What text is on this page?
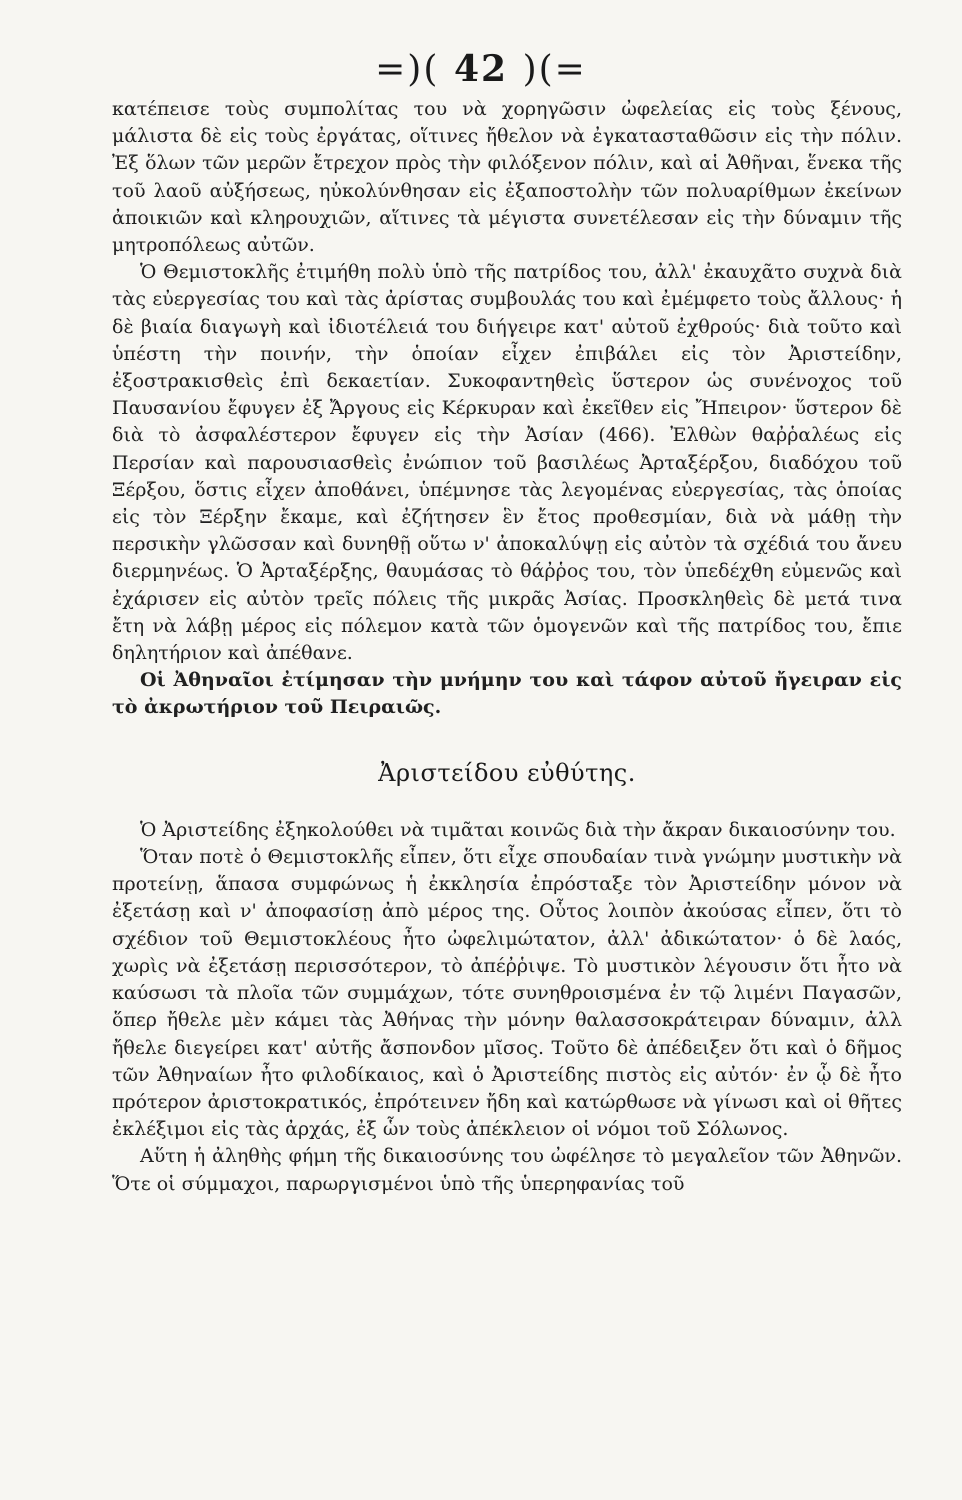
=)( 42 )(=

κατέπεισε τοὺς συμπολίτας του νὰ χορηγῶσιν ὠφελείας εἰς τοὺς ξένους, μάλιστα δὲ εἰς τοὺς ἐργάτας, οἵτινες ἤθελον νὰ ἐγκατασταθῶσιν εἰς τὴν πόλιν. Ἐξ ὅλων τῶν μερῶν ἔτρεχον πρὸς τὴν φιλόξενον πόλιν, καὶ αἱ Ἀθῆναι, ἕνεκα τῆς τοῦ λαοῦ αὐξήσεως, ηὐκολύνθησαν εἰς ἐξαποστολὴν τῶν πολυαρίθμων ἐκείνων ἀποικιῶν καὶ κληρουχιῶν, αἵτινες τὰ μέγιστα συνετέλεσαν εἰς τὴν δύναμιν τῆς μητροπόλεως αὐτῶν.

Ὁ Θεμιστοκλῆς ἐτιμήθη πολὺ ὑπὸ τῆς πατρίδος του, ἀλλ' ἐκαυχᾶτο συχνὰ διὰ τὰς εὐεργεσίας του καὶ τὰς ἀρίστας συμβουλάς του καὶ ἐμέμφετο τοὺς ἄλλους· ἡ δὲ βιαία διαγωγὴ καὶ ἰδιοτέλειά του διήγειρε κατ' αὐτοῦ ἐχθρούς· διὰ τοῦτο καὶ ὑπέστη τὴν ποινήν, τὴν ὁποίαν εἶχεν ἐπιβάλει εἰς τὸν Ἀριστείδην, ἐξοστρακισθεὶς ἐπὶ δεκαετίαν. Συκοφαντηθεὶς ὕστερον ὡς συνένοχος τοῦ Παυσανίου ἔφυγεν ἐξ Ἄργους εἰς Κέρκυραν καὶ ἐκεῖθεν εἰς Ἤπειρον· ὕστερον δὲ διὰ τὸ ἀσφαλέστερον ἔφυγεν εἰς τὴν Ἀσίαν (466). Ἐλθὼν θαῤῥαλέως εἰς Περσίαν καὶ παρουσιασθεὶς ἐνώπιον τοῦ βασιλέως Ἀρταξέρξου, διαδόχου τοῦ Ξέρξου, ὅστις εἶχεν ἀποθάνει, ὑπέμνησε τὰς λεγομένας εὐεργεσίας, τὰς ὁποίας εἰς τὸν Ξέρξην ἔκαμε, καὶ ἐζήτησεν ἓν ἔτος προθεσμίαν, διὰ νὰ μάθῃ τὴν περσικὴν γλῶσσαν καὶ δυνηθῇ οὕτω ν' ἀποκαλύψῃ εἰς αὐτὸν τὰ σχέδιά του ἄνευ διερμηνέως. Ὁ Ἀρταξέρξης, θαυμάσας τὸ θάῤῥος του, τὸν ὑπεδέχθη εὐμενῶς καὶ ἐχάρισεν εἰς αὐτὸν τρεῖς πόλεις τῆς μικρᾶς Ἀσίας. Προσκληθεὶς δὲ μετά τινα ἔτη νὰ λάβῃ μέρος εἰς πόλεμον κατὰ τῶν ὁμογενῶν καὶ τῆς πατρίδος του, ἔπιε δηλητήριον καὶ ἀπέθανε.

Οἱ Ἀθηναῖοι ἐτίμησαν τὴν μνήμην του καὶ τάφον αὐτοῦ ἤγειραν εἰς τὸ ἀκρωτήριον τοῦ Πειραιῶς.

Ἀριστείδου εὐθύτης.

Ὁ Ἀριστείδης ἐξηκολούθει νὰ τιμᾶται κοινῶς διὰ τὴν ἄκραν δικαιοσύνην του.

Ὅταν ποτὲ ὁ Θεμιστοκλῆς εἶπεν, ὅτι εἶχε σπουδαίαν τινὰ γνώμην μυστικὴν νὰ προτείνῃ, ἅπασα συμφώνως ἡ ἐκκλησία ἐπρόσταξε τὸν Ἀριστείδην μόνον νὰ ἐξετάσῃ καὶ ν' ἀποφασίσῃ ἀπὸ μέρος της. Οὗτος λοιπὸν ἀκούσας εἶπεν, ὅτι τὸ σχέδιον τοῦ Θεμιστοκλέους ἦτο ὠφελιμώτατον, ἀλλ' ἀδικώτατον· ὁ δὲ λαός, χωρὶς νὰ ἐξετάσῃ περισσότερον, τὸ ἀπέῤῥιψε. Τὸ μυστικὸν λέγουσιν ὅτι ἦτο νὰ καύσωσι τὰ πλοῖα τῶν συμμάχων, τότε συνηθροισμένα ἐν τῷ λιμένι Παγασῶν, ὅπερ ἤθελε μὲν κάμει τὰς Ἀθήνας τὴν μόνην θαλασσοκράτειραν δύναμιν, ἀλλ ἤθελε διεγείρει κατ' αὐτῆς ἄσπονδον μῖσος. Τοῦτο δὲ ἀπέδειξεν ὅτι καὶ ὁ δῆμος τῶν Ἀθηναίων ἦτο φιλοδίκαιος, καὶ ὁ Ἀριστείδης πιστὸς εἰς αὐτόν· ἐν ᾧ δὲ ἦτο πρότερον ἀριστοκρατικός, ἐπρότεινεν ἤδη καὶ κατώρθωσε νὰ γίνωσι καὶ οἱ θῆτες ἐκλέξιμοι εἰς τὰς ἀρχάς, ἐξ ὧν τοὺς ἀπέκλειον οἱ νόμοι τοῦ Σόλωνος.

Αὕτη ἡ ἀληθὴς φήμη τῆς δικαιοσύνης του ὠφέλησε τὸ μεγαλεῖον τῶν Ἀθηνῶν. Ὅτε οἱ σύμμαχοι, παρωργισμένοι ὑπὸ τῆς ὑπερηφανίας τοῦ
